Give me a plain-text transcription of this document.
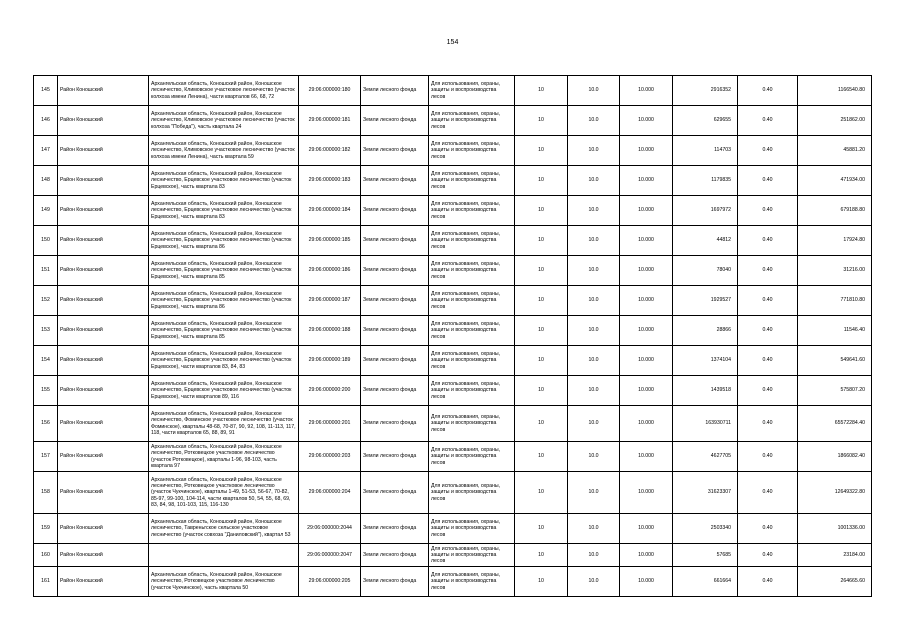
154
145	Район Коношский	Архангельская область, Коношский район, Коношское лесничество, Климовское участковое лесничество (участок колхоза имени Ленина), части кварталов 66, 68, 72	29:06:000000:180	Земли лесного фонда	Для использования, охраны, защиты и воспроизводства лесов	10	10.0	10.000	2916352	0.40	1166540.80
146	Район Коношский	Архангельская область, Коношский район, Коношское лесничество, Климовское участковое лесничество (участок колхоза "Победа"), часть квартала 24	29:06:000000:181	Земли лесного фонда	Для использования, охраны, защиты и воспроизводства лесов	10	10.0	10.000	629655	0.40	251862.00
147	Район Коношский	Архангельская область, Коношский район, Коношское лесничество, Климовское участковое лесничество (участок колхоза имени Ленина), часть квартала 59	29:06:000000:182	Земли лесного фонда	Для использования, охраны, защиты и воспроизводства лесов	10	10.0	10.000	114703	0.40	45881.20
148	Район Коношский	Архангельская область, Коношский район, Коношское лесничество, Ерцевское участковое лесничество (участок Ерцевское), часть квартала 83	29:06:000000:183	Земли лесного фонда	Для использования, охраны, защиты и воспроизводства лесов	10	10.0	10.000	1179835	0.40	471934.00
149	Район Коношский	Архангельская область, Коношский район, Коношское лесничество, Ерцевское участковое лесничество (участок Ерцевское), часть квартала 83	29:06:000000:184	Земли лесного фонда	Для использования, охраны, защиты и воспроизводства лесов	10	10.0	10.000	1697972	0.40	679188.80
150	Район Коношский	Архангельская область, Коношский район, Коношское лесничество, Ерцевское участковое лесничество (участок Ерцевское), часть квартала 86	29:06:000000:185	Земли лесного фонда	Для использования, охраны, защиты и воспроизводства лесов	10	10.0	10.000	44812	0.40	17924.80
151	Район Коношский	Архангельская область, Коношский район, Коношское лесничество, Ерцевское участковое лесничество (участок Ерцевское), часть квартала 85	29:06:000000:186	Земли лесного фонда	Для использования, охраны, защиты и воспроизводства лесов	10	10.0	10.000	78040	0.40	31216.00
152	Район Коношский	Архангельская область, Коношский район, Коношское лесничество, Ерцевское участковое лесничество (участок Ерцевское), часть квартала 86	29:06:000000:187	Земли лесного фонда	Для использования, охраны, защиты и воспроизводства лесов	10	10.0	10.000	1929527	0.40	771810.80
153	Район Коношский	Архангельская область, Коношский район, Коношское лесничество, Ерцевское участковое лесничество (участок Ерцевское), часть квартала 85	29:06:000000:188	Земли лесного фонда	Для использования, охраны, защиты и воспроизводства лесов	10	10.0	10.000	28866	0.40	11546.40
154	Район Коношский	Архангельская область, Коношский район, Коношское лесничество, Ерцевское участковое лесничество (участок Ерцевское), части кварталов 83, 84, 83	29:06:000000:189	Земли лесного фонда	Для использования, охраны, защиты и воспроизводства лесов	10	10.0	10.000	1374104	0.40	549641.60
155	Район Коношский	Архангельская область, Коношский район, Коношское лесничество, Ерцевское участковое лесничество (участок Ерцевское), части кварталов 89, 116	29:06:000000:200	Земли лесного фонда	Для использования, охраны, защиты и воспроизводства лесов	10	10.0	10.000	1439518	0.40	575807.20
156	Район Коношский	Архангельская область, Коношский район, Коношское лесничество, Фоминское участковое лесничество (участок Фоминское), кварталы 48-68, 70-87, 90, 92, 108, 11-113, 117, 118, части кварталов 65, 88, 89, 91	29:06:000000:201	Земли лесного фонда	Для использования, охраны, защиты и воспроизводства лесов	10	10.0	10.000	163930711	0.40	65572284.40
157	Район Коношский	Архангельская область, Коношский район, Коношское лесничество, Ротковецкое участковое лесничество (участок Ротковецкое), кварталы 1-96, 98-103, часть квартала 97	29:06:000000:203	Земли лесного фонда	Для использования, охраны, защиты и воспроизводства лесов	10	10.0	10.000	4627705	0.40	1866082.40
158	Район Коношский	Архангельская область, Коношский район, Коношское лесничество, Ротковецкое участковое лесничество (участок Чукчинское), кварталы 1-49, 51-53, 56-67, 70-82, 85-97, 99-100, 104-114, части кварталов 50, 54, 55, 68, 69, 83, 84, 98, 101-103, 115, 116-130	29:06:000000:204	Земли лесного фонда	Для использования, охраны, защиты и воспроизводства лесов	10	10.0	10.000	31623307	0.40	12649322.80
159	Район Коношский	Архангельская область, Коношский район, Коношское лесничество, Тавреньгское сельское участковое лесничество (участок совхоза "Даниловский"), квартал 53	29:06:000000:2044	Земли лесного фонда	Для использования, охраны, защиты и воспроизводства лесов	10	10.0	10.000	2503340	0.40	1001336.00
160	Район Коношский		29:06:000000:2047	Земли лесного фонда	Для использования, охраны, защиты и воспроизводства лесов	10	10.0	10.000	57685	0.40	23184.00
161	Район Коношский	Архангельская область, Коношский район, Коношское лесничество, Ротковецкое участковое лесничество (участок Чукчинское), часть квартала 50	29:06:000000:205	Земли лесного фонда	Для использования, охраны, защиты и воспроизводства лесов	10	10.0	10.000	661664	0.40	264665.60
